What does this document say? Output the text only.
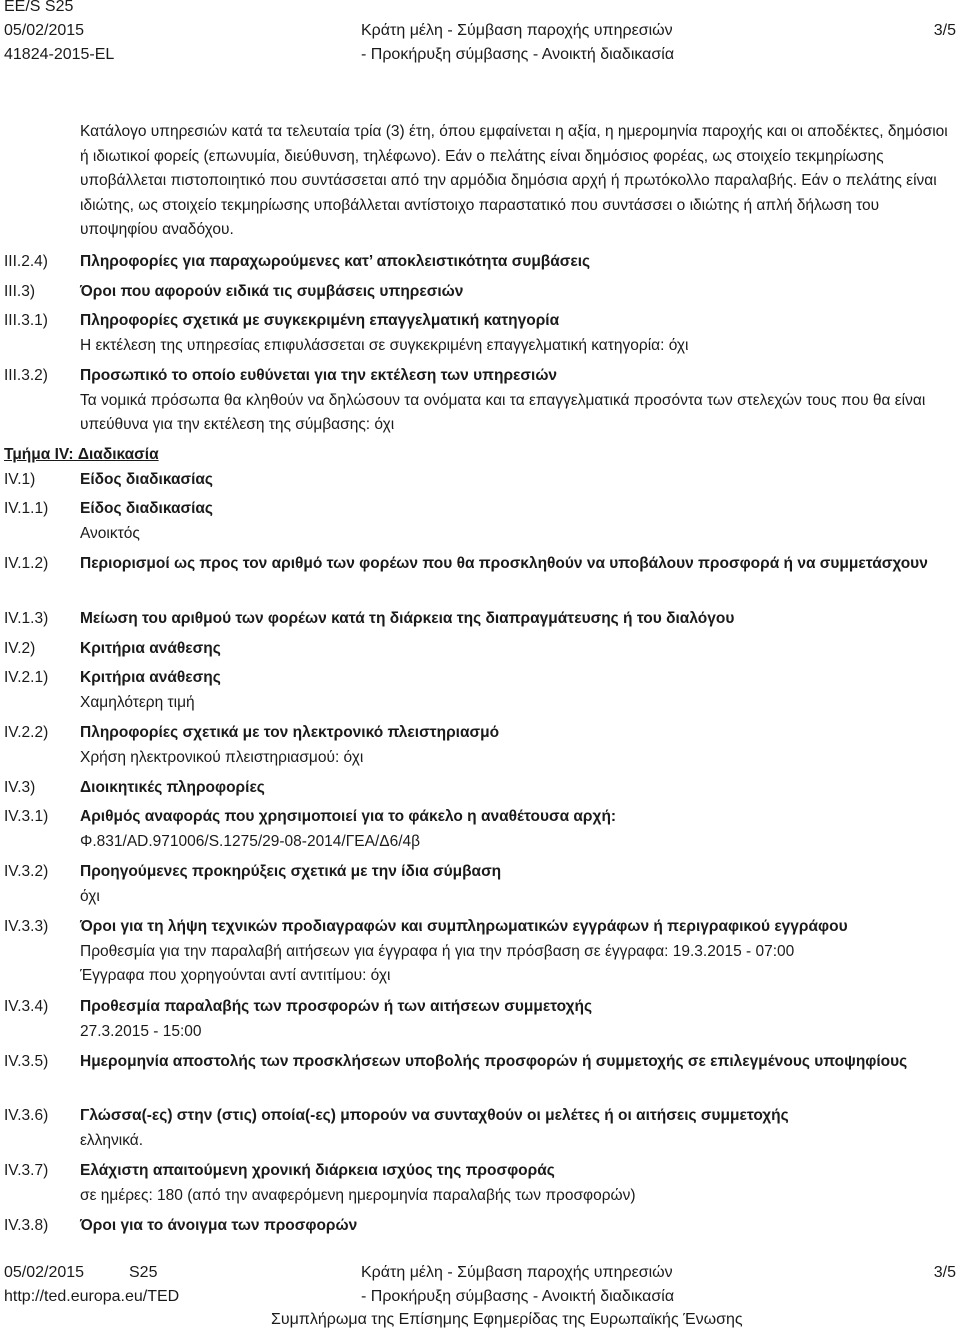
EE/S S25
05/02/2015	Κράτη μέλη - Σύμβαση παροχής υπηρεσιών	3/5
41824-2015-EL	- Προκήρυξη σύμβασης - Ανοικτή διαδικασία
Κατάλογο υπηρεσιών κατά τα τελευταία τρία (3) έτη, όπου εμφαίνεται η αξία, η ημερομηνία παροχής και οι αποδέκτες, δημόσιοι ή ιδιωτικοί φορείς (επωνυμία, διεύθυνση, τηλέφωνο). Εάν ο πελάτης είναι δημόσιος φορέας, ως στοιχείο τεκμηρίωσης υποβάλλεται πιστοποιητικό που συντάσσεται από την αρμόδια δημόσια αρχή ή πρωτόκολλο παραλαβής. Εάν ο πελάτης είναι ιδιώτης, ως στοιχείο τεκμηρίωσης υποβάλλεται αντίστοιχο παραστατικό που συντάσσει ο ιδιώτης ή απλή δήλωση του υποψηφίου αναδόχου.
III.2.4)	Πληροφορίες για παραχωρούμενες κατ’ αποκλειστικότητα συμβάσεις
III.3)	Όροι που αφορούν ειδικά τις συμβάσεις υπηρεσιών
III.3.1)	Πληροφορίες σχετικά με συγκεκριμένη επαγγελματική κατηγορία
Η εκτέλεση της υπηρεσίας επιφυλάσσεται σε συγκεκριμένη επαγγελματική κατηγορία: όχι
III.3.2)	Προσωπικό το οποίο ευθύνεται για την εκτέλεση των υπηρεσιών
Τα νομικά πρόσωπα θα κληθούν να δηλώσουν τα ονόματα και τα επαγγελματικά προσόντα των στελεχών τους που θα είναι υπεύθυνα για την εκτέλεση της σύμβασης: όχι
Τμήμα IV: Διαδικασία
IV.1)	Είδος διαδικασίας
IV.1.1)	Είδος διαδικασίας
Ανοικτός
IV.1.2)	Περιορισμοί ως προς τον αριθμό των φορέων που θα προσκληθούν να υποβάλουν προσφορά ή να συμμετάσχουν
IV.1.3)	Μείωση του αριθμού των φορέων κατά τη διάρκεια της διαπραγμάτευσης ή του διαλόγου
IV.2)	Κριτήρια ανάθεσης
IV.2.1)	Κριτήρια ανάθεσης
Χαμηλότερη τιμή
IV.2.2)	Πληροφορίες σχετικά με τον ηλεκτρονικό πλειστηριασμό
Χρήση ηλεκτρονικού πλειστηριασμού: όχι
IV.3)	Διοικητικές πληροφορίες
IV.3.1)	Αριθμός αναφοράς που χρησιμοποιεί για το φάκελο η αναθέτουσα αρχή:
Φ.831/AD.971006/S.1275/29-08-2014/ΓΕΑ/Δ6/4β
IV.3.2)	Προηγούμενες προκηρύξεις σχετικά με την ίδια σύμβαση
όχι
IV.3.3)	Όροι για τη λήψη τεχνικών προδιαγραφών και συμπληρωματικών εγγράφων ή περιγραφικού εγγράφου
Προθεσμία για την παραλαβή αιτήσεων για έγγραφα ή για την πρόσβαση σε έγγραφα: 19.3.2015 - 07:00
Έγγραφα που χορηγούνται αντί αντιτίμου: όχι
IV.3.4)	Προθεσμία παραλαβής των προσφορών ή των αιτήσεων συμμετοχής
27.3.2015 - 15:00
IV.3.5)	Ημερομηνία αποστολής των προσκλήσεων υποβολής προσφορών ή συμμετοχής σε επιλεγμένους υποψηφίους
IV.3.6)	Γλώσσα(-ες) στην (στις) οποία(-ες) μπορούν να συνταχθούν οι μελέτες ή οι αιτήσεις συμμετοχής
ελληνικά.
IV.3.7)	Ελάχιστη απαιτούμενη χρονική διάρκεια ισχύος της προσφοράς
σε ημέρες: 180 (από την αναφερόμενη ημερομηνία παραλαβής των προσφορών)
IV.3.8)	Όροι για το άνοιγμα των προσφορών
05/02/2015	S25	Κράτη μέλη - Σύμβαση παροχής υπηρεσιών	3/5
http://ted.europa.eu/TED	- Προκήρυξη σύμβασης - Ανοικτή διαδικασία
Συμπλήρωμα της Επίσημης Εφημερίδας της Ευρωπαϊκής Ένωσης
